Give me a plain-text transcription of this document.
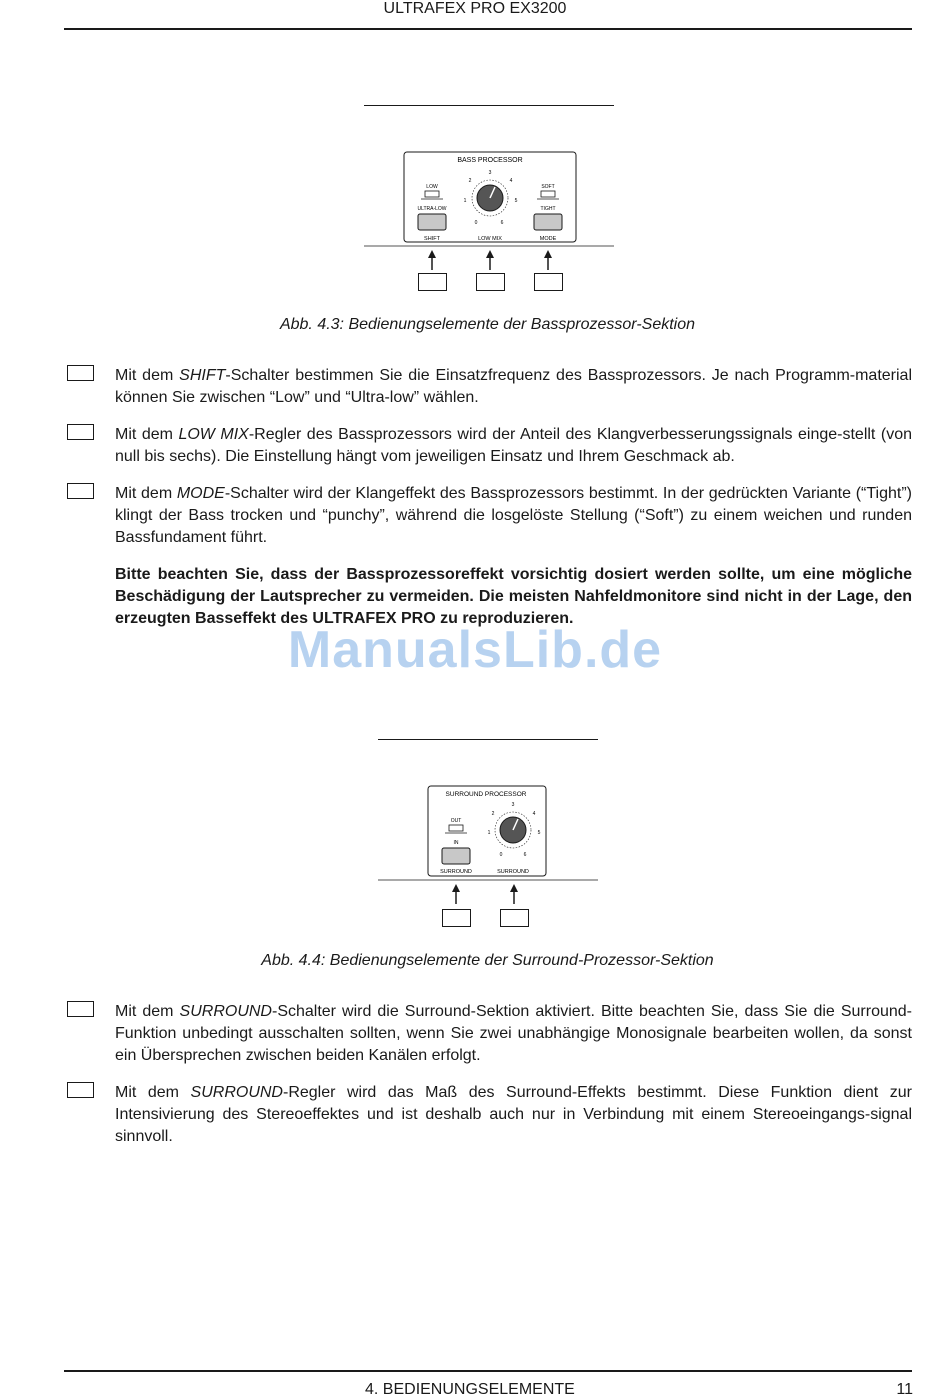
ULTRAFEX PRO EX3200
BASS PROCESSOR
LOW
ULTRA-LOW
SOFT
TIGHT
0
1
2
3
4
5
6
SHIFT	LOW MIX	MODE
Abb. 4.3: Bedienungselemente der Bassprozessor-Sektion
Mit dem SHIFT-Schalter bestimmen Sie die Einsatzfrequenz des Bassprozessors. Je nach Programm-material können Sie zwischen “Low” und “Ultra-low” wählen.
Mit dem LOW MIX-Regler des Bassprozessors wird der Anteil des Klangverbesserungssignals einge-stellt (von null bis sechs). Die Einstellung hängt vom jeweiligen Einsatz und Ihrem Geschmack ab.
Mit dem MODE-Schalter wird der Klangeffekt des Bassprozessors bestimmt. In der gedrückten Variante (“Tight”) klingt der Bass trocken und “punchy”, während die losgelöste Stellung (“Soft”) zu einem weichen und runden Bassfundament führt.
Bitte beachten Sie, dass der Bassprozessoreffekt vorsichtig dosiert werden sollte, um eine mögliche Beschädigung der Lautsprecher zu vermeiden. Die meisten Nahfeldmonitore sind nicht in der Lage, den erzeugten Basseffekt des ULTRAFEX PRO zu reproduzieren.
ManualsLib.de
SURROUND PROCESSOR
OUT
IN
0
1
2
3
4
5
6
SURROUND	SURROUND
Abb. 4.4: Bedienungselemente der Surround-Prozessor-Sektion
Mit dem SURROUND-Schalter wird die Surround-Sektion aktiviert. Bitte beachten Sie, dass Sie die Surround-Funktion unbedingt ausschalten sollten, wenn Sie zwei unabhängige Monosignale bearbeiten wollen, da sonst ein Übersprechen zwischen beiden Kanälen erfolgt.
Mit dem SURROUND-Regler wird das Maß des Surround-Effekts bestimmt. Diese Funktion dient zur Intensivierung des Stereoeffektes und ist deshalb auch nur in Verbindung mit einem Stereoeingangs-signal sinnvoll.
4. BEDIENUNGSELEMENTE	11
